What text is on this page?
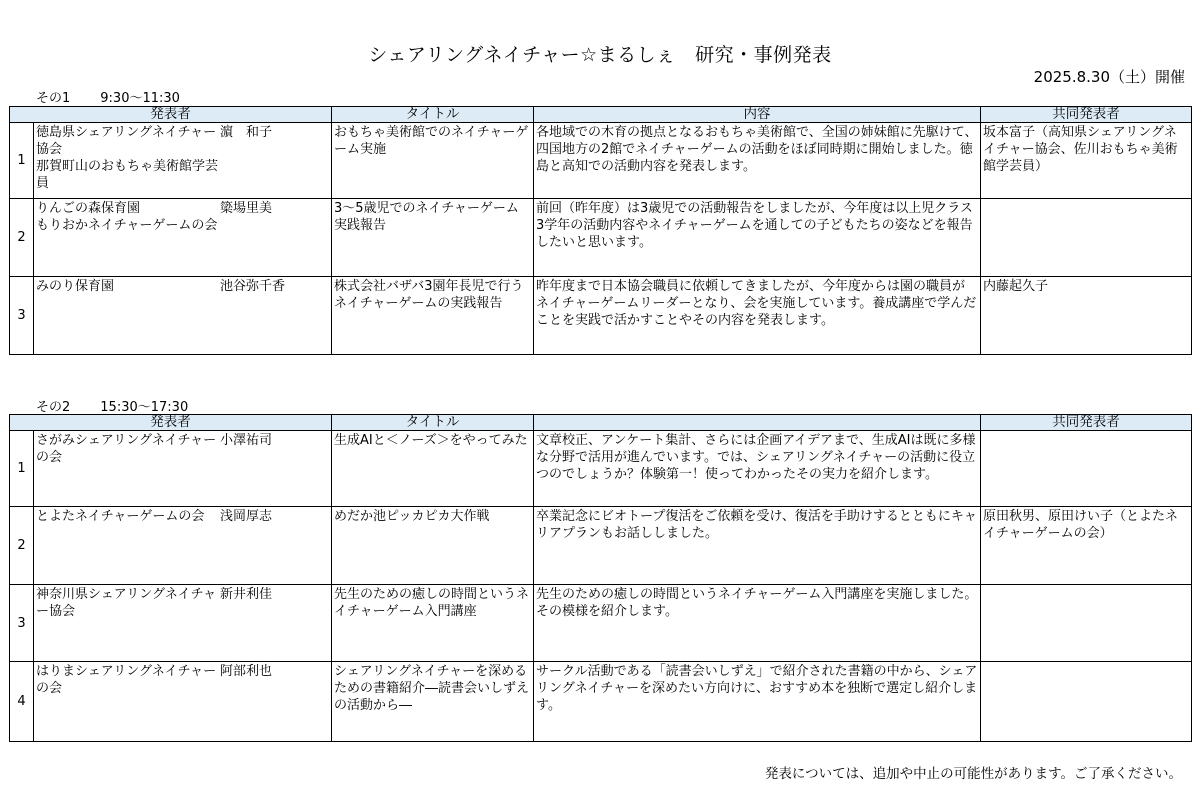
シェアリングネイチャー☆まるしぇ　研究・事例発表
2025.8.30（土）開催
その1 9:30～11:30
発表者		タイトル	内容	共同発表者
1	徳島県シェアリングネイチャー協会
那賀町山のおもちゃ美術館学芸員
濵　和子	おもちゃ美術館でのネイチャーゲーム実施	各地域での木育の拠点となるおもちゃ美術館で、全国の姉妹館に先駆けて、四国地方の2館でネイチャーゲームの活動をほぼ同時期に開始しました。徳島と高知での活動内容を発表します。	坂本富子（高知県シェアリングネイチャー協会、佐川おもちゃ美術館学芸員）
2	りんごの森保育園
もりおかネイチャーゲームの会
簗場里美	3～5歳児でのネイチャーゲーム実践報告	前回（昨年度）は3歳児での活動報告をしましたが、今年度は以上児クラス3学年の活動内容やネイチャーゲームを通しての子どもたちの姿などを報告したいと思います。	
3	みのり保育園 池谷弥千香	株式会社バザバ3園年長児で行うネイチャーゲームの実践報告	昨年度まで日本協会職員に依頼してきましたが、今年度からは園の職員がネイチャーゲームリーダーとなり、会を実施しています。養成講座で学んだことを実践で活かすことやその内容を発表します。	内藤起久子
その2 15:30～17:30
発表者		タイトル		共同発表者
1	さがみシェアリングネイチャーの会
小澤祐司	生成AIと＜ノーズ＞をやってみた	文章校正、アンケート集計、さらには企画アイデアまで、生成AIは既に多様な分野で活用が進んでいます。では、シェアリングネイチャーの活動に役立つのでしょうか？体験第一！使ってわかったその実力を紹介します。	
2	とよたネイチャーゲームの会 浅岡厚志	めだか池ピッカピカ大作戦	卒業記念にビオトープ復活をご依頼を受け、復活を手助けするとともにキャリアプランもお話ししました。	原田秋男、原田けい子（とよたネイチャーゲームの会）
3	神奈川県シェアリングネイチャー協会
新井利佳	先生のための癒しの時間というネイチャーゲーム入門講座	先生のための癒しの時間というネイチャーゲーム入門講座を実施しました。その模様を紹介します。	
4	はりまシェアリングネイチャーの会
阿部利也	シェアリングネイチャーを深めるための書籍紹介―読書会いしずえの活動から―	サークル活動である「読書会いしずえ」で紹介された書籍の中から、シェアリングネイチャーを深めたい方向けに、おすすめ本を独断で選定し紹介します。	
発表については、追加や中止の可能性があります。ご了承ください。
